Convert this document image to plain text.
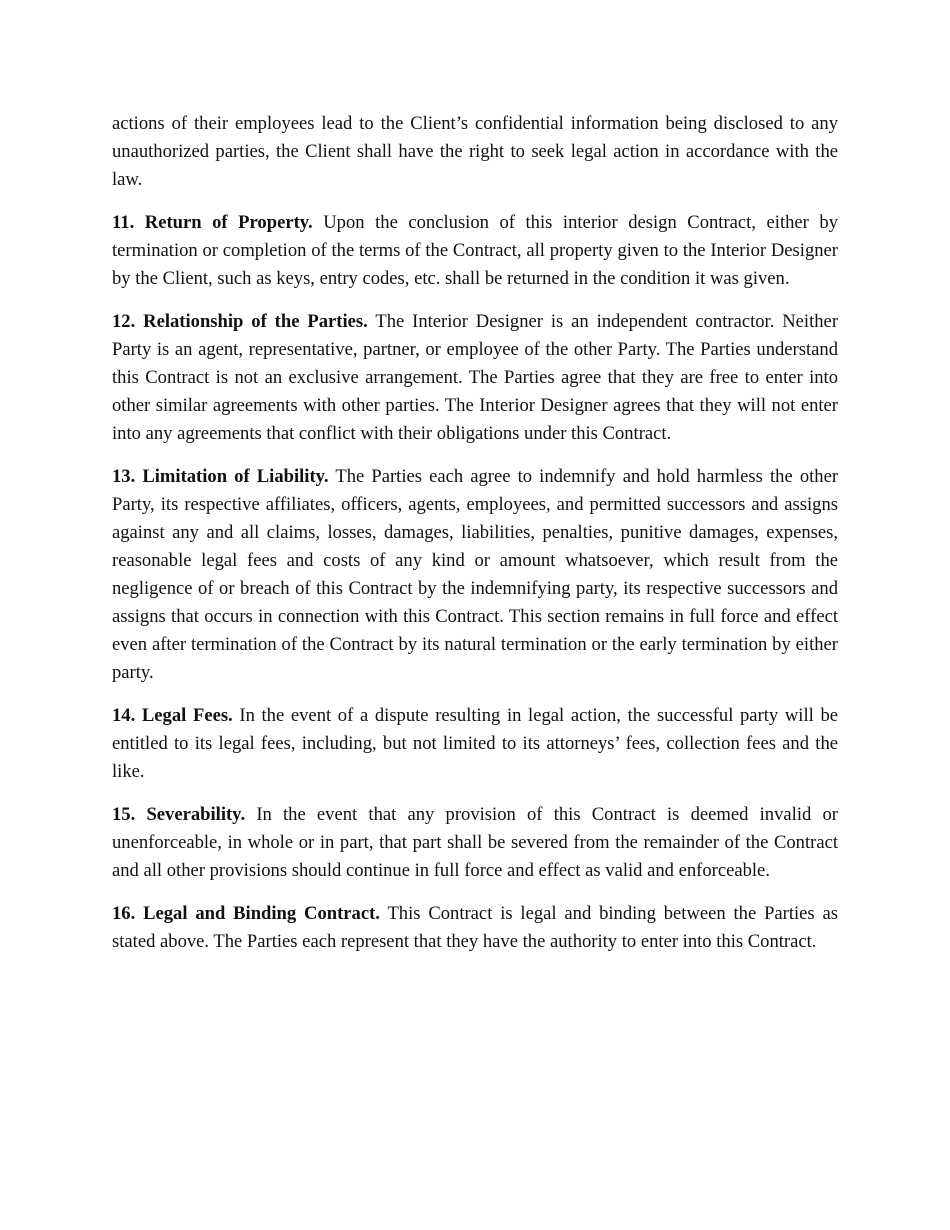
actions of their employees lead to the Client’s confidential information being disclosed to any unauthorized parties, the Client shall have the right to seek legal action in accordance with the law.

11. Return of Property. Upon the conclusion of this interior design Contract, either by termination or completion of the terms of the Contract, all property given to the Interior Designer by the Client, such as keys, entry codes, etc. shall be returned in the condition it was given.

12. Relationship of the Parties. The Interior Designer is an independent contractor. Neither Party is an agent, representative, partner, or employee of the other Party. The Parties understand this Contract is not an exclusive arrangement. The Parties agree that they are free to enter into other similar agreements with other parties. The Interior Designer agrees that they will not enter into any agreements that conflict with their obligations under this Contract.

13. Limitation of Liability. The Parties each agree to indemnify and hold harmless the other Party, its respective affiliates, officers, agents, employees, and permitted successors and assigns against any and all claims, losses, damages, liabilities, penalties, punitive damages, expenses, reasonable legal fees and costs of any kind or amount whatsoever, which result from the negligence of or breach of this Contract by the indemnifying party, its respective successors and assigns that occurs in connection with this Contract. This section remains in full force and effect even after termination of the Contract by its natural termination or the early termination by either party.

14. Legal Fees. In the event of a dispute resulting in legal action, the successful party will be entitled to its legal fees, including, but not limited to its attorneys’ fees, collection fees and the like.

15. Severability. In the event that any provision of this Contract is deemed invalid or unenforceable, in whole or in part, that part shall be severed from the remainder of the Contract and all other provisions should continue in full force and effect as valid and enforceable.

16. Legal and Binding Contract. This Contract is legal and binding between the Parties as stated above. The Parties each represent that they have the authority to enter into this Contract.
